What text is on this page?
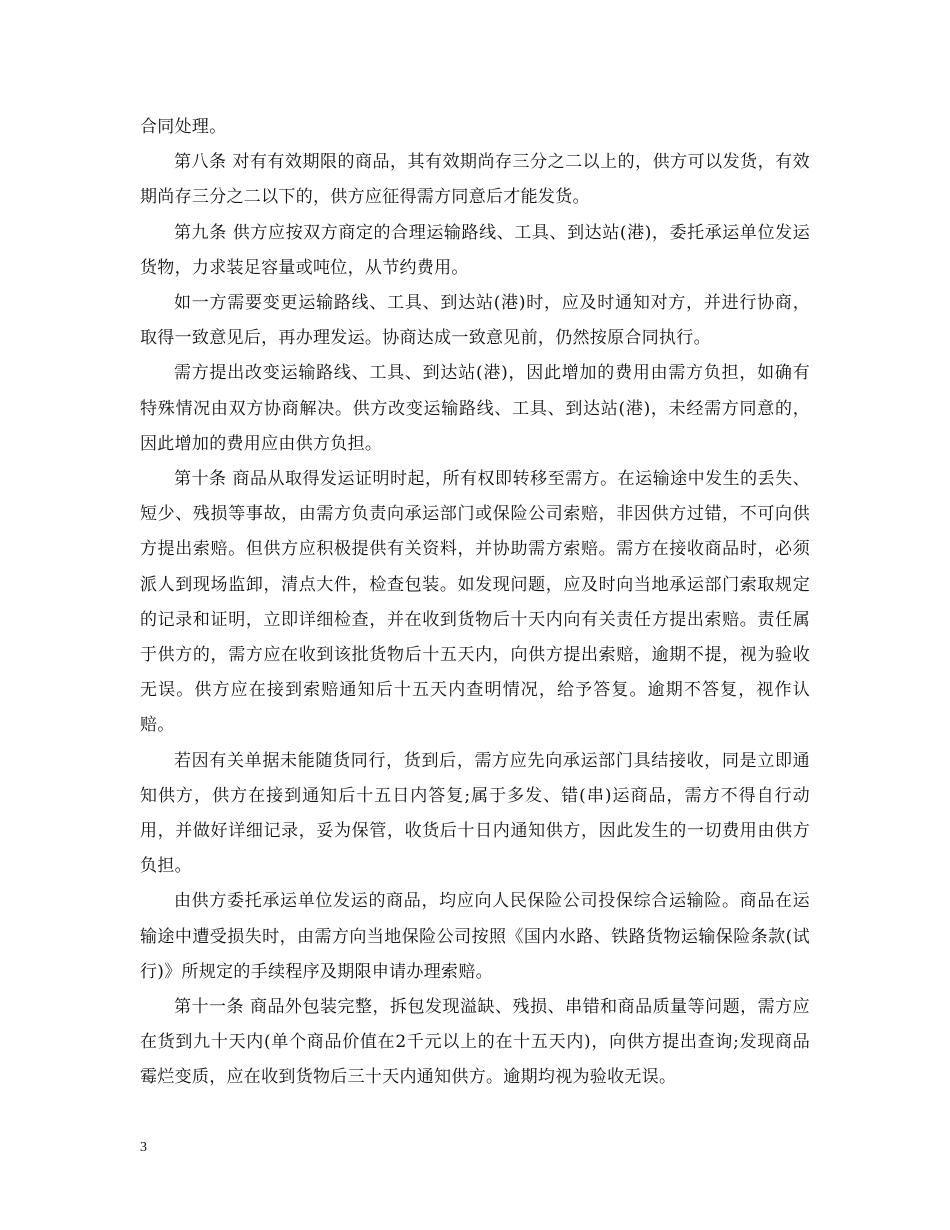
合同处理。

第八条 对有有效期限的商品，其有效期尚存三分之二以上的，供方可以发货，有效期尚存三分之二以下的，供方应征得需方同意后才能发货。

第九条 供方应按双方商定的合理运输路线、工具、到达站(港)，委托承运单位发运货物，力求装足容量或吨位，从节约费用。

如一方需要变更运输路线、工具、到达站(港)时，应及时通知对方，并进行协商，取得一致意见后，再办理发运。协商达成一致意见前，仍然按原合同执行。

需方提出改变运输路线、工具、到达站(港)，因此增加的费用由需方负担，如确有特殊情况由双方协商解决。供方改变运输路线、工具、到达站(港)，未经需方同意的，因此增加的费用应由供方负担。

第十条 商品从取得发运证明时起，所有权即转移至需方。在运输途中发生的丢失、短少、残损等事故，由需方负责向承运部门或保险公司索赔，非因供方过错，不可向供方提出索赔。但供方应积极提供有关资料，并协助需方索赔。需方在接收商品时，必须派人到现场监卸，清点大件，检查包装。如发现问题，应及时向当地承运部门索取规定的记录和证明，立即详细检查，并在收到货物后十天内向有关责任方提出索赔。责任属于供方的，需方应在收到该批货物后十五天内，向供方提出索赔，逾期不提，视为验收无误。供方应在接到索赔通知后十五天内查明情况，给予答复。逾期不答复，视作认赔。

若因有关单据未能随货同行，货到后，需方应先向承运部门具结接收，同是立即通知供方，供方在接到通知后十五日内答复;属于多发、错(串)运商品，需方不得自行动用，并做好详细记录，妥为保管，收货后十日内通知供方，因此发生的一切费用由供方负担。

由供方委托承运单位发运的商品，均应向人民保险公司投保综合运输险。商品在运输途中遭受损失时，由需方向当地保险公司按照《国内水路、铁路货物运输保险条款(试行)》所规定的手续程序及期限申请办理索赔。

第十一条 商品外包装完整，拆包发现溢缺、残损、串错和商品质量等问题，需方应在货到九十天内(单个商品价值在2千元以上的在十五天内)，向供方提出查询;发现商品霉烂变质，应在收到货物后三十天内通知供方。逾期均视为验收无误。

3
